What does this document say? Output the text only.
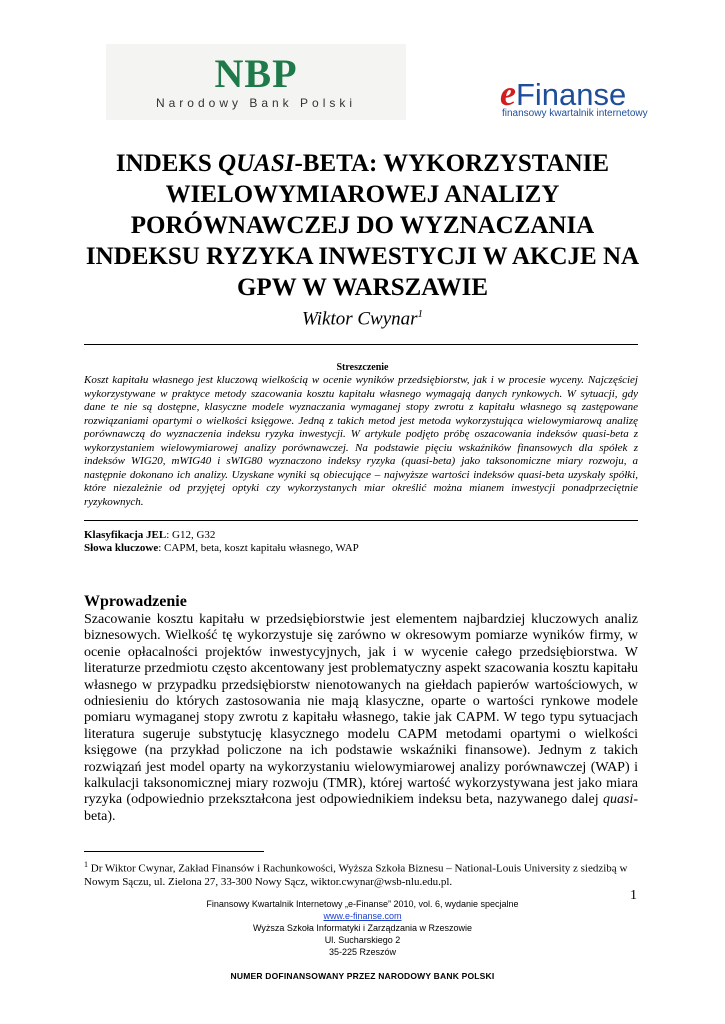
NBP
Narodowy Bank Polski	eFinanse
finansowy kwartalnik internetowy
INDEKS QUASI-BETA: WYKORZYSTANIE WIELOWYMIAROWEJ ANALIZY PORÓWNAWCZEJ DO WYZNACZANIA INDEKSU RYZYKA INWESTYCJI W AKCJE NA GPW W WARSZAWIE
Wiktor Cwynar$^1$
Streszczenie
Koszt kapitału własnego jest kluczową wielkością w ocenie wyników przedsiębiorstw, jak i w procesie wyceny. Najczęściej wykorzystywane w praktyce metody szacowania kosztu kapitału własnego wymagają danych rynkowych. W sytuacji, gdy dane te nie są dostępne, klasyczne modele wyznaczania wymaganej stopy zwrotu z kapitału własnego są zastępowane rozwiązaniami opartymi o wielkości księgowe. Jedną z takich metod jest metoda wykorzystująca wielowymiarową analizę porównawczą do wyznaczenia indeksu ryzyka inwestycji. W artykule podjęto próbę oszacowania indeksów quasi-beta z wykorzystaniem wielowymiarowej analizy porównawczej. Na podstawie pięciu wskaźników finansowych dla spółek z indeksów WIG20, mWIG40 i sWIG80 wyznaczono indeksy ryzyka (quasi-beta) jako taksonomiczne miary rozwoju, a następnie dokonano ich analizy. Uzyskane wyniki są obiecujące – najwyższe wartości indeksów quasi-beta uzyskały spółki, które niezależnie od przyjętej optyki czy wykorzystanych miar określić można mianem inwestycji ponadprzeciętnie ryzykownych.
Klasyfikacja JEL: G12, G32
Słowa kluczowe: CAPM, beta, koszt kapitału własnego, WAP
Wprowadzenie
Szacowanie kosztu kapitału w przedsiębiorstwie jest elementem najbardziej kluczowych analiz biznesowych. Wielkość tę wykorzystuje się zarówno w okresowym pomiarze wyników firmy, w ocenie opłacalności projektów inwestycyjnych, jak i w wycenie całego przedsiębiorstwa. W literaturze przedmiotu często akcentowany jest problematyczny aspekt szacowania kosztu kapitału własnego w przypadku przedsiębiorstw nienotowanych na giełdach papierów wartościowych, w odniesieniu do których zastosowania nie mają klasyczne, oparte o wartości rynkowe modele pomiaru wymaganej stopy zwrotu z kapitału własnego, takie jak CAPM. W tego typu sytuacjach literatura sugeruje substytucję klasycznego modelu CAPM metodami opartymi o wielkości księgowe (na przykład policzone na ich podstawie wskaźniki finansowe). Jednym z takich rozwiązań jest model oparty na wykorzystaniu wielowymiarowej analizy porównawczej (WAP) i kalkulacji taksonomicznej miary rozwoju (TMR), której wartość wykorzystywana jest jako miara ryzyka (odpowiednio przekształcona jest odpowiednikiem indeksu beta, nazywanego dalej quasi-beta).
$^1$ Dr Wiktor Cwynar, Zakład Finansów i Rachunkowości, Wyższa Szkoła Biznesu – National-Louis University z siedzibą w Nowym Sączu, ul. Zielona 27, 33-300 Nowy Sącz, wiktor.cwynar@wsb-nlu.edu.pl.
1
Finansowy Kwartalnik Internetowy „e-Finanse” 2010, vol. 6, wydanie specjalne
www.e-finanse.com
Wyższa Szkoła Informatyki i Zarządzania w Rzeszowie
Ul. Sucharskiego 2
35-225 Rzeszów
NUMER DOFINANSOWANY PRZEZ NARODOWY BANK POLSKI
